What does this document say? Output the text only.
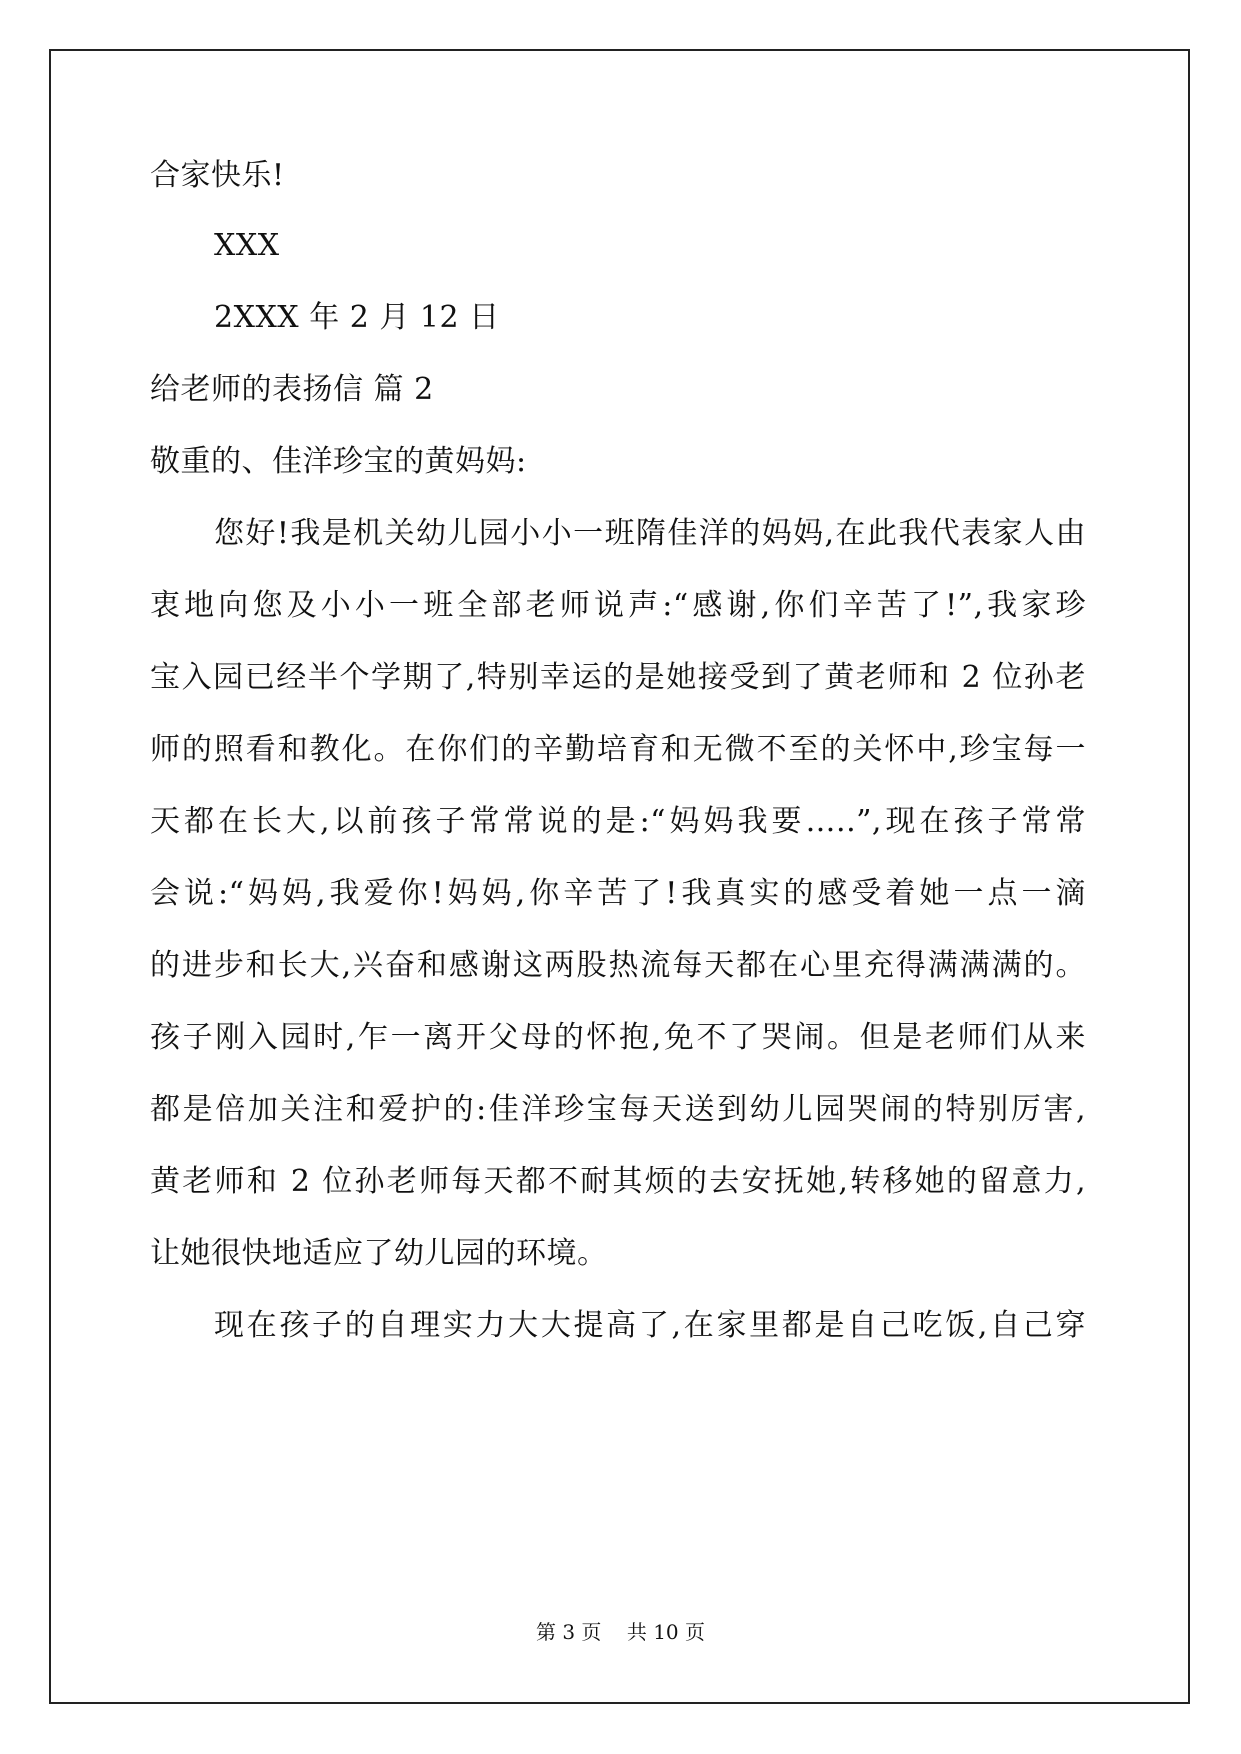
合家快乐!
XXX
2XXX 年 2 月 12 日
给老师的表扬信 篇 2
敬重的、佳洋珍宝的黄妈妈:
您好!我是机关幼儿园小小一班隋佳洋的妈妈,在此我代表家人由
衷地向您及小小一班全部老师说声:“感谢,你们辛苦了!”,我家珍
宝入园已经半个学期了,特别幸运的是她接受到了黄老师和 2 位孙老
师的照看和教化。在你们的辛勤培育和无微不至的关怀中,珍宝每一
天都在长大,以前孩子常常说的是:“妈妈我要…..”,现在孩子常常
会说:“妈妈,我爱你!妈妈,你辛苦了!我真实的感受着她一点一滴
的进步和长大,兴奋和感谢这两股热流每天都在心里充得满满满的。
孩子刚入园时,乍一离开父母的怀抱,免不了哭闹。但是老师们从来
都是倍加关注和爱护的:佳洋珍宝每天送到幼儿园哭闹的特别厉害,
黄老师和 2 位孙老师每天都不耐其烦的去安抚她,转移她的留意力,
让她很快地适应了幼儿园的环境。
现在孩子的自理实力大大提高了,在家里都是自己吃饭,自己穿
第 3 页    共 10 页
